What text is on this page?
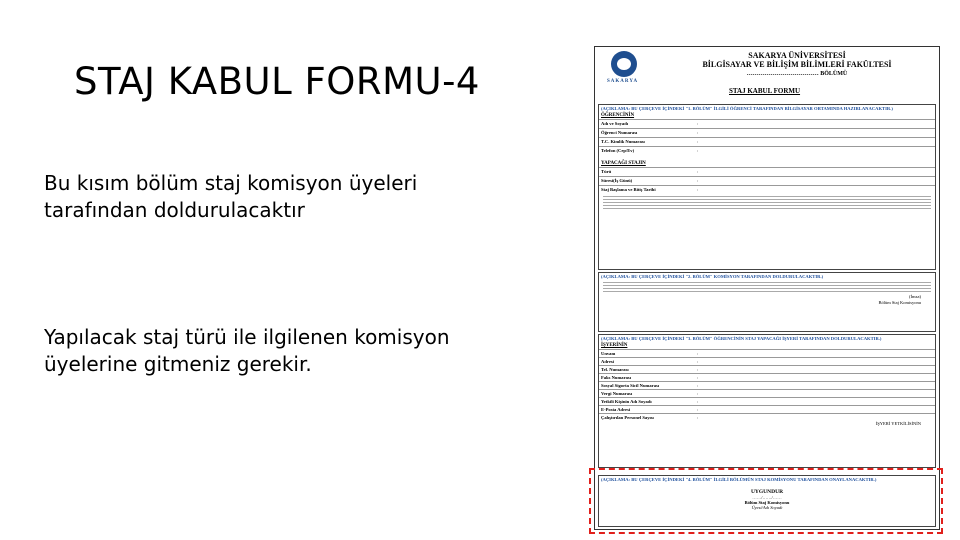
STAJ KABUL FORMU-4
Bu kısım bölüm staj komisyon üyeleri
tarafından doldurulacaktır
Yapılacak staj türü ile ilgilenen komisyon
üyelerine gitmeniz gerekir.
SAKARYA
SAKARYA ÜNİVERSİTESİ
BİLGİSAYAR VE BİLİŞİM BİLİMLERİ FAKÜLTESİ
……………………………… BÖLÜMÜ
STAJ KABUL FORMU
(AÇIKLAMA: BU ÇERÇEVE İÇİNDEKİ "1. BÖLÜM" İLGİLİ ÖĞRENCİ TARAFINDAN BİLGİSAYAR ORTAMINDA HAZIRLANACAKTIR.)
ÖĞRENCİNİN
Adı ve Soyadı	:
Öğrenci Numarası	:
T.C. Kimlik Numarası	:
Telefon (Cep/Ev)	:
YAPACAĞI STAJIN
Türü	:
Süresi(İş Günü)	:
Staj Başlama ve Bitiş Tarihi	:
(AÇIKLAMA: BU ÇERÇEVE İÇİNDEKİ "2. BÖLÜM" KOMİSYON TARAFINDAN DOLDURULACAKTIR.)
(İmza)
Bölüm Staj Komisyonu
(AÇIKLAMA: BU ÇERÇEVE İÇİNDEKİ "3. BÖLÜM" ÖĞRENCİNİN STAJ YAPACAĞI İŞYERİ TARAFINDAN DOLDURULACAKTIR.)
İŞYERİNİN
Unvanı	:
Adresi	:
Tel. Numarası	:
Faks Numarası	:
Sosyal Sigorta Sicil Numarası	:
Vergi Numarası	:
Yetkili Kişinin Adı Soyadı	:
E-Posta Adresi	:
Çalıştırılan Personel Sayısı	:
İŞYERİ YETKİLİSİNİN
(AÇIKLAMA: BU ÇERÇEVE İÇİNDEKİ "4. BÖLÜM" İLGİLİ BÖLÜMÜN STAJ KOMİSYONU TARAFINDAN ONAYLANACAKTIR.)
UYGUNDUR
……/……/……
Bölüm Staj Komisyonu
Üyesi/Adı Soyadı
